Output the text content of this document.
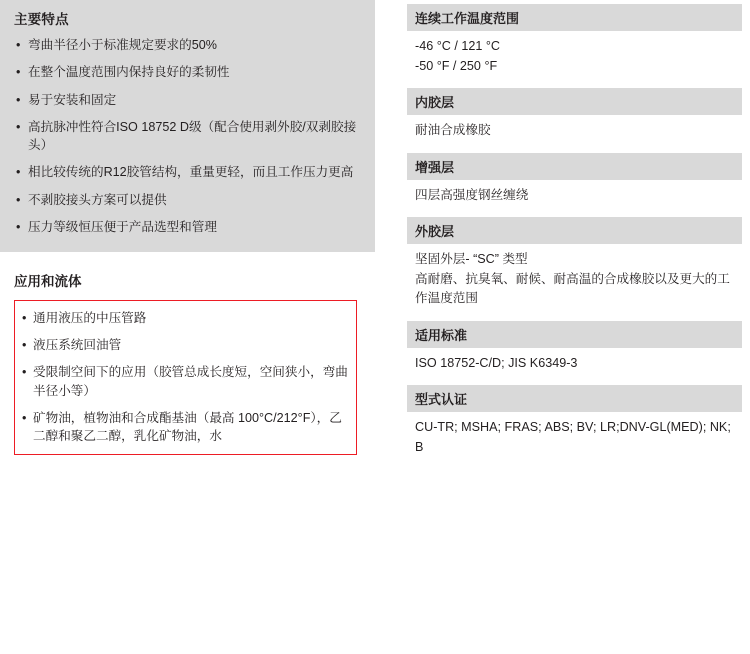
主要特点
• 弯曲半径小于标准规定要求的50%
• 在整个温度范围内保持良好的柔韧性
• 易于安装和固定
• 高抗脉冲性符合ISO 18752 D级（配合使用剥外胶/双剥胶接头）
• 相比较传统的R12胶管结构，重量更轻，而且工作压力更高
• 不剥胶接头方案可以提供
• 压力等级恒压便于产品选型和管理
应用和流体
• 通用液压的中压管路
• 液压系统回油管
• 受限制空间下的应用（胶管总成长度短，空间狭小，弯曲半径小等）
• 矿物油，植物油和合成酯基油（最高 100°C/212°F），乙二醇和聚乙二醇，乳化矿物油，水
连续工作温度范围
-46 °C / 121 °C
-50 °F / 250 °F
内胶层
耐油合成橡胶
增强层
四层高强度钢丝缠绕
外胶层
坚固外层- “SC” 类型
高耐磨、抗臭氧、耐候、耐高温的合成橡胶以及更大的工作温度范围
适用标准
ISO 18752-C/D; JIS K6349-3
型式认证
CU-TR; MSHA; FRAS; ABS; BV; LR;DNV-GL(MED); NK; B
